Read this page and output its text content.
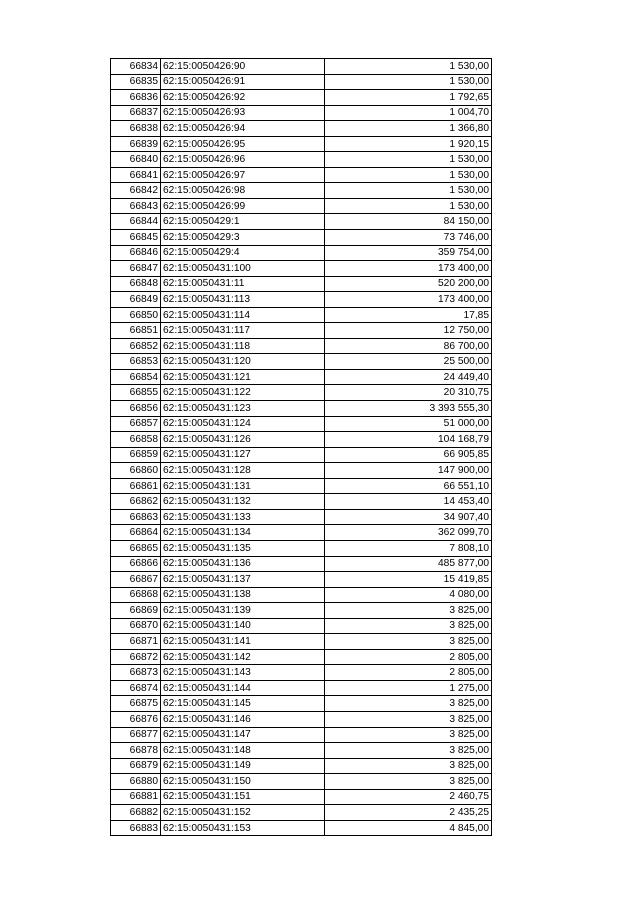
66834	62:15:0050426:90	1 530,00
66835	62:15:0050426:91	1 530,00
66836	62:15:0050426:92	1 792,65
66837	62:15:0050426:93	1 004,70
66838	62:15:0050426:94	1 366,80
66839	62:15:0050426:95	1 920,15
66840	62:15:0050426:96	1 530,00
66841	62:15:0050426:97	1 530,00
66842	62:15:0050426:98	1 530,00
66843	62:15:0050426:99	1 530,00
66844	62:15:0050429:1	84 150,00
66845	62:15:0050429:3	73 746,00
66846	62:15:0050429:4	359 754,00
66847	62:15:0050431:100	173 400,00
66848	62:15:0050431:11	520 200,00
66849	62:15:0050431:113	173 400,00
66850	62:15:0050431:114	17,85
66851	62:15:0050431:117	12 750,00
66852	62:15:0050431:118	86 700,00
66853	62:15:0050431:120	25 500,00
66854	62:15:0050431:121	24 449,40
66855	62:15:0050431:122	20 310,75
66856	62:15:0050431:123	3 393 555,30
66857	62:15:0050431:124	51 000,00
66858	62:15:0050431:126	104 168,79
66859	62:15:0050431:127	66 905,85
66860	62:15:0050431:128	147 900,00
66861	62:15:0050431:131	66 551,10
66862	62:15:0050431:132	14 453,40
66863	62:15:0050431:133	34 907,40
66864	62:15:0050431:134	362 099,70
66865	62:15:0050431:135	7 808,10
66866	62:15:0050431:136	485 877,00
66867	62:15:0050431:137	15 419,85
66868	62:15:0050431:138	4 080,00
66869	62:15:0050431:139	3 825,00
66870	62:15:0050431:140	3 825,00
66871	62:15:0050431:141	3 825,00
66872	62:15:0050431:142	2 805,00
66873	62:15:0050431:143	2 805,00
66874	62:15:0050431:144	1 275,00
66875	62:15:0050431:145	3 825,00
66876	62:15:0050431:146	3 825,00
66877	62:15:0050431:147	3 825,00
66878	62:15:0050431:148	3 825,00
66879	62:15:0050431:149	3 825,00
66880	62:15:0050431:150	3 825,00
66881	62:15:0050431:151	2 460,75
66882	62:15:0050431:152	2 435,25
66883	62:15:0050431:153	4 845,00
